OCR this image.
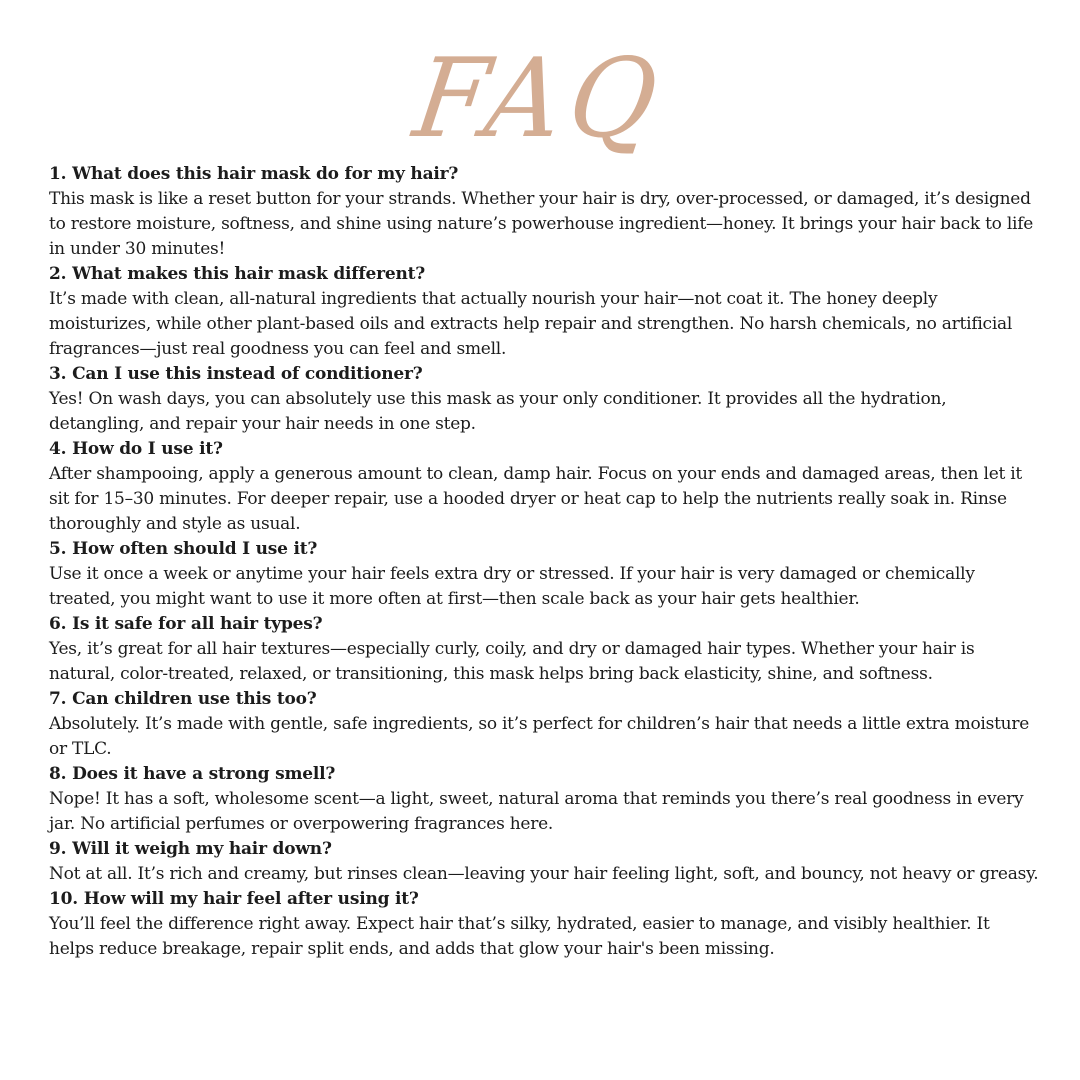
FAQ

1. What does this hair mask do for my hair?

This mask is like a reset button for your strands. Whether your hair is dry, over-processed, or damaged, it’s designed to restore moisture, softness, and shine using nature’s powerhouse ingredient—honey. It brings your hair back to life in under 30 minutes!

2. What makes this hair mask different?

It’s made with clean, all-natural ingredients that actually nourish your hair—not coat it. The honey deeply moisturizes, while other plant-based oils and extracts help repair and strengthen. No harsh chemicals, no artificial fragrances—just real goodness you can feel and smell.

3. Can I use this instead of conditioner?

Yes! On wash days, you can absolutely use this mask as your only conditioner. It provides all the hydration, detangling, and repair your hair needs in one step.

4. How do I use it?

After shampooing, apply a generous amount to clean, damp hair. Focus on your ends and damaged areas, then let it sit for 15–30 minutes. For deeper repair, use a hooded dryer or heat cap to help the nutrients really soak in. Rinse thoroughly and style as usual.

5. How often should I use it?

Use it once a week or anytime your hair feels extra dry or stressed. If your hair is very damaged or chemically treated, you might want to use it more often at first—then scale back as your hair gets healthier.

6. Is it safe for all hair types?

Yes, it’s great for all hair textures—especially curly, coily, and dry or damaged hair types. Whether your hair is natural, color-treated, relaxed, or transitioning, this mask helps bring back elasticity, shine, and softness.

7. Can children use this too?

Absolutely. It’s made with gentle, safe ingredients, so it’s perfect for children’s hair that needs a little extra moisture or TLC.

8. Does it have a strong smell?

Nope! It has a soft, wholesome scent—a light, sweet, natural aroma that reminds you there’s real goodness in every jar. No artificial perfumes or overpowering fragrances here.

9. Will it weigh my hair down?

Not at all. It’s rich and creamy, but rinses clean—leaving your hair feeling light, soft, and bouncy, not heavy or greasy.

10. How will my hair feel after using it?

You’ll feel the difference right away. Expect hair that’s silky, hydrated, easier to manage, and visibly healthier. It helps reduce breakage, repair split ends, and adds that glow your hair's been missing.
